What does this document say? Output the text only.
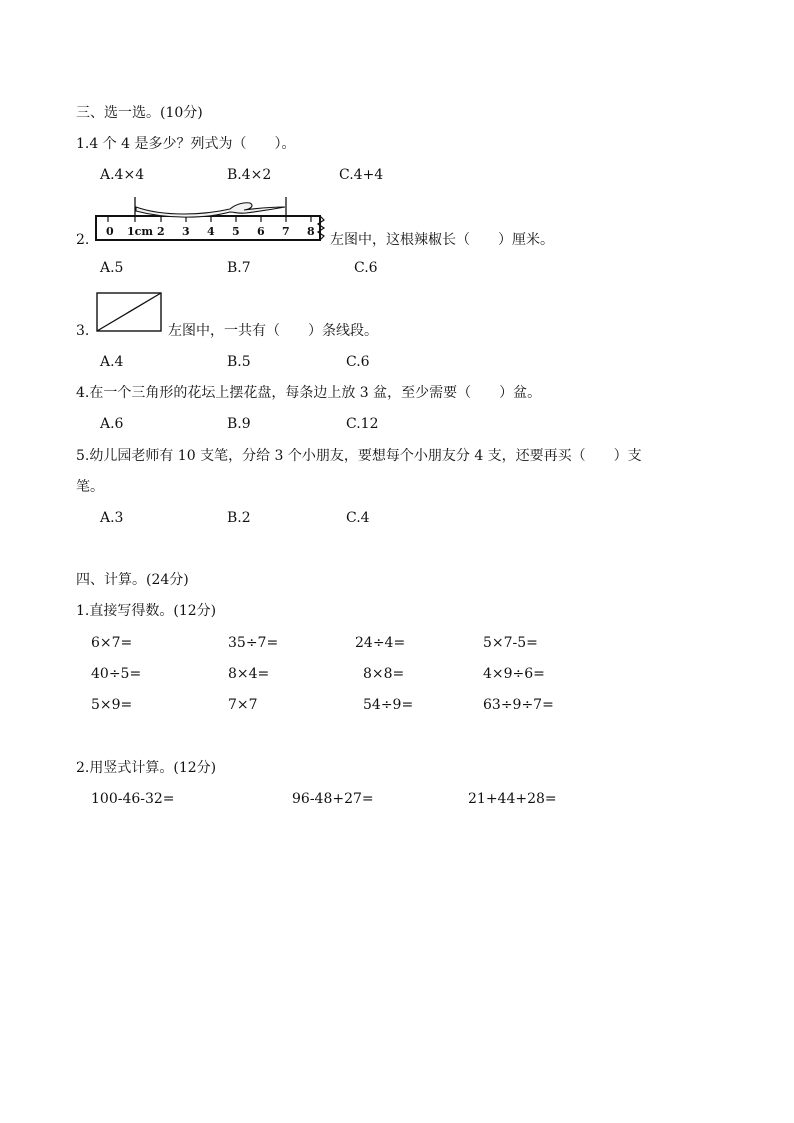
三、选一选。(10分)
1.4 个 4 是多少？列式为（　　）。
A.4×4	B.4×2	C.4+4
2.
0 1cm 2 3 4 5 6 7 8
左图中，这根辣椒长（　　）厘米。
A.5	B.7	C.6
3.	左图中，一共有（　　）条线段。
A.4	B.5	C.6
4.在一个三角形的花坛上摆花盘，每条边上放 3 盆，至少需要（　　）盆。
A.6	B.9	C.12
5.幼儿园老师有 10 支笔，分给 3 个小朋友，要想每个小朋友分 4 支，还要再买（　　）支
笔。
A.3	B.2	C.4
四、计算。(24分)
1.直接写得数。(12分)
6×7=	35÷7=	24÷4=	5×7-5=
40÷5=	8×4=	8×8=	4×9÷6=
5×9=	7×7	54÷9=	63÷9÷7=
2.用竖式计算。(12分)
100-46-32=	96-48+27=	21+44+28=
